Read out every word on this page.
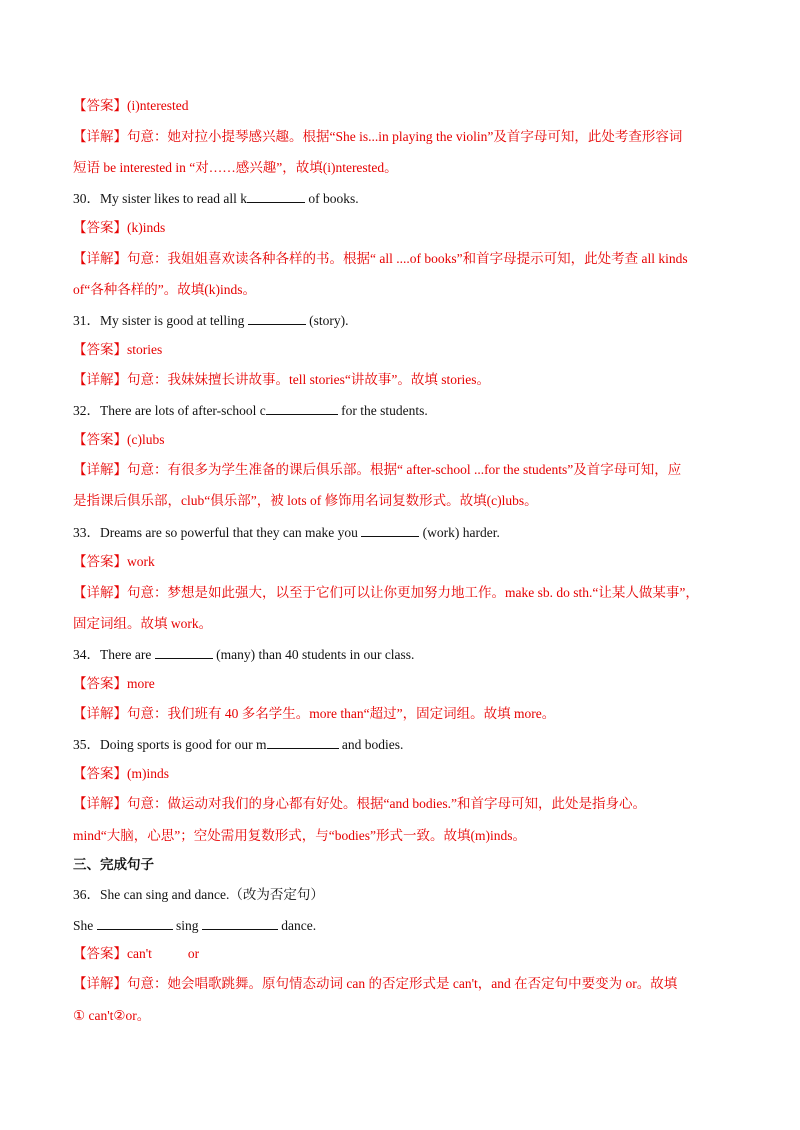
【答案】(i)nterested
【详解】句意：她对拉小提琴感兴趣。根据“She is...in playing the violin”及首字母可知，此处考查形容词
短语 be interested in “对……感兴趣”，故填(i)nterested。
30．My sister likes to read all k	of books.
【答案】(k)inds
【详解】句意：我姐姐喜欢读各种各样的书。根据“ all ....of books”和首字母提示可知，此处考查 all kinds
of“各种各样的”。故填(k)inds。
31．My sister is good at telling	(story).
【答案】stories
【详解】句意：我妹妹擅长讲故事。tell stories“讲故事”。故填 stories。
32．There are lots of after-school c	for the students.
【答案】(c)lubs
【详解】句意：有很多为学生准备的课后俱乐部。根据“ after-school ...for the students”及首字母可知，应
是指课后俱乐部，club“俱乐部”，被 lots of 修饰用名词复数形式。故填(c)lubs。
33．Dreams are so powerful that they can make you	(work) harder.
【答案】work
【详解】句意：梦想是如此强大，以至于它们可以让你更加努力地工作。make sb. do sth.“让某人做某事”，
固定词组。故填 work。
34．There are	(many) than 40 students in our class.
【答案】more
【详解】句意：我们班有 40 多名学生。more than“超过”，固定词组。故填 more。
35．Doing sports is good for our m	and bodies.
【答案】(m)inds
【详解】句意：做运动对我们的身心都有好处。根据“and bodies.”和首字母可知，此处是指身心。
mind“大脑，心思”；空处需用复数形式，与“bodies”形式一致。故填(m)inds。
三、完成句子
36．She can sing and dance.（改为否定句）
She	sing	dance.
【答案】can't	or
【详解】句意：她会唱歌跳舞。原句情态动词 can 的否定形式是 can't，and 在否定句中要变为 or。故填
① can't②or。
